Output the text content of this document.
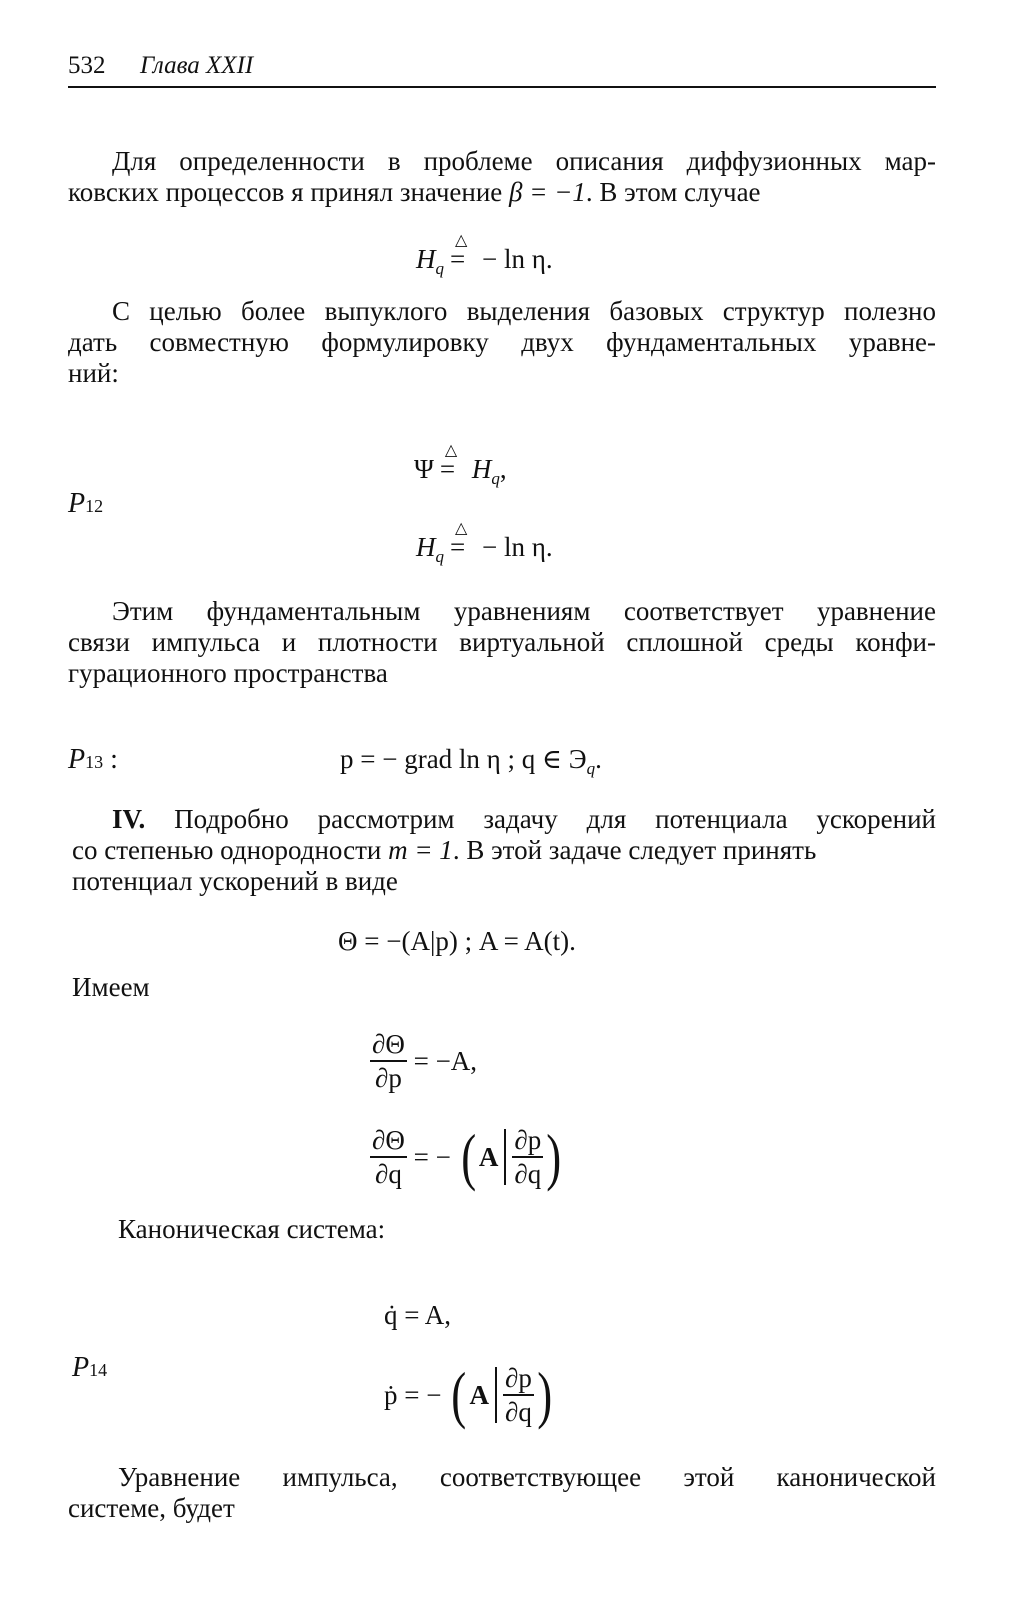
532 Глава XXII
Для определенности в проблеме описания диффузионных мар-
ковских процессов я принял значение β = −1. В этом случае
$H_q$
△
= − ln η.
С целью более выпуклого выделения базовых структур полезно
дать совместную формулировку двух фундаментальных уравне-
ний:
Ψ
△
= $H_q$,
P12
$H_q$
△
= − ln η.
Этим фундаментальным уравнениям соответствует уравнение
связи импульса и плотности виртуальной сплошной среды конфи-
гурационного пространства
P13 :	p = − grad ln η ; q ∈ $Э_q$.
IV. Подробно рассмотрим задачу для потенциала ускорений
со степенью однородности m = 1. В этой задаче следует принять
потенциал ускорений в виде
Θ = −(A|p) ; A = A(t).
Имеем
$\frac{\partial\Theta}{\partial p} = -A$,
$\frac{\partial\Theta}{\partial q}$ = − ( A $\frac{\partial p}{\partial q}$ )
Каноническая система:
q̇ = A,
P14
ṗ = − ( A $\frac{\partial p}{\partial q}$ )
Уравнение импульса, соответствующее этой канонической
системе, будет
